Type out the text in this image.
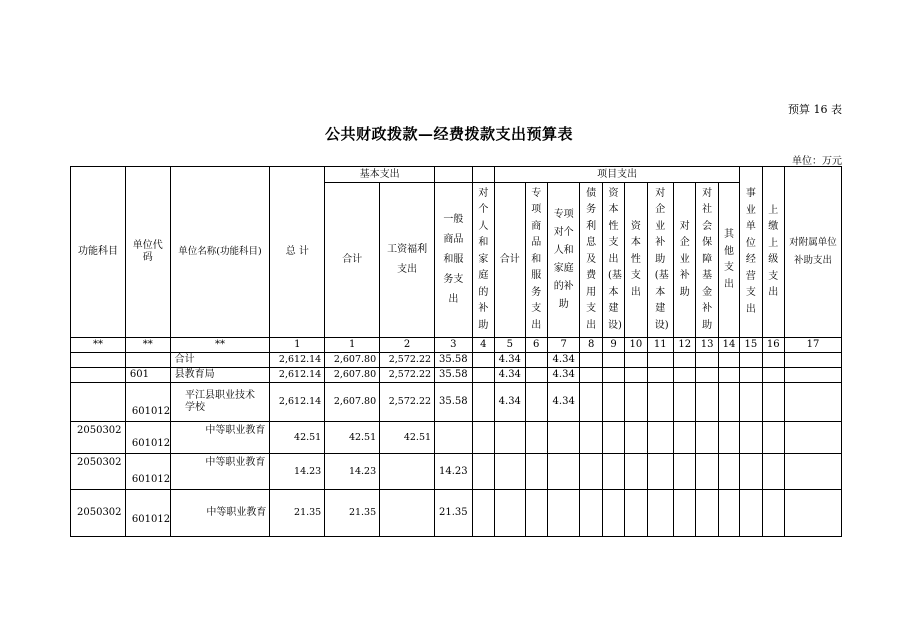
预算 16 表
公共财政拨款—经费拨款支出预算表
单位：万元
功能科目	单位代码	单位名称(功能科目)	总 计	基本支出				项目支出										事业单位经营支出	上缴上级支出	对附属单位补助支出

				合计	工资福利支出	一般商品和服务支出	对个人和家庭的补助	合计	专项商品和服务支出	专项对个人和家庭的补助	债务利息及费用支出	资本性支出(基本建设)	资本性支出	对企业补助(基本建设)	对企业补助	对社会保障基金补助	其他支出			

**	**	**	1	1	2	3	4	5	6	7	8	9	10	11	12	13	14	15	16	17
		合计	2,612.14	2,607.80	2,572.22	35.58		4.34		4.34										
	601	县教育局	2,612.14	2,607.80	2,572.22	35.58		4.34		4.34										
	601012	平江县职业技术学校	2,612.14	2,607.80	2,572.22	35.58		4.34		4.34										
2050302	601012	中等职业教育	42.51	42.51	42.51															
2050302	601012	中等职业教育	14.23	14.23		14.23														

2050302	601012	中等职业教育	21.35	21.35		21.35														
